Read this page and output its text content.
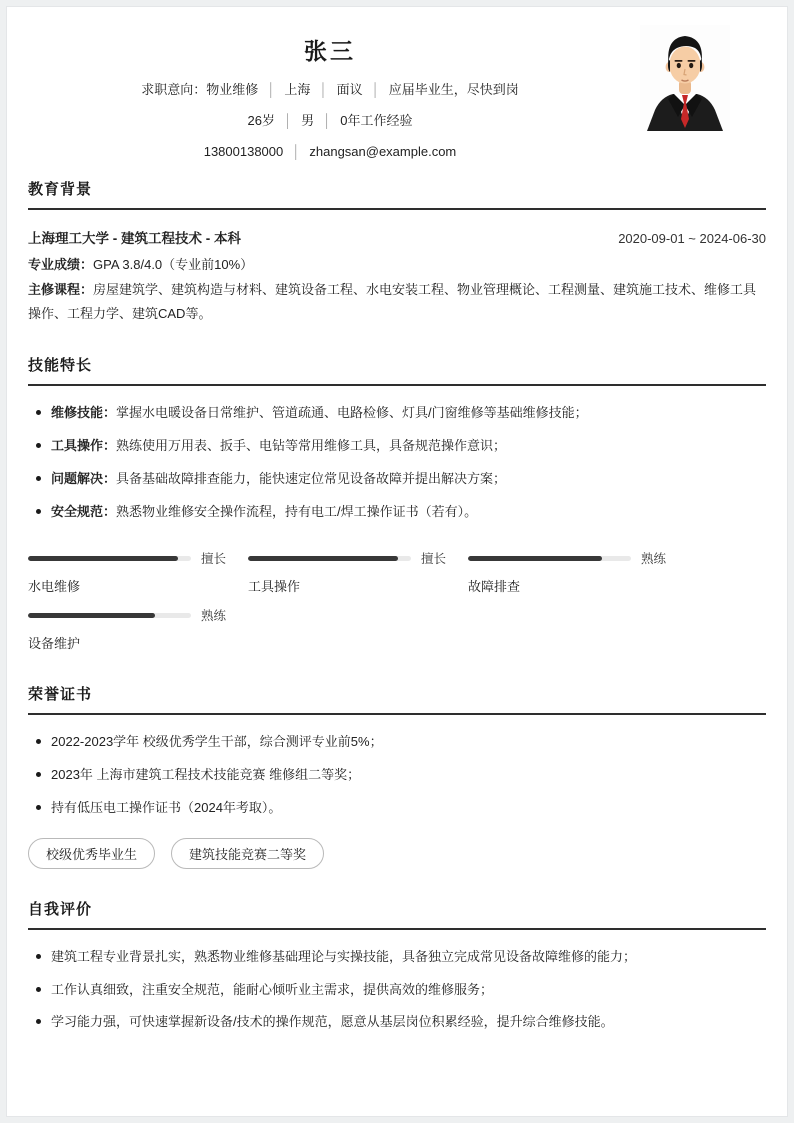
张三
求职意向：物业维修 │ 上海 │ 面议 │ 应届毕业生，尽快到岗
26岁 │ 男 │ 0年工作经验
13800138000 │ zhangsan@example.com
教育背景
上海理工大学 - 建筑工程技术 - 本科	2020-09-01 ~ 2024-06-30
专业成绩：GPA 3.8/4.0（专业前10%）
主修课程：房屋建筑学、建筑构造与材料、建筑设备工程、水电安装工程、物业管理概论、工程测量、建筑施工技术、维修工具操作、工程力学、建筑CAD等。
技能特长
维修技能：掌握水电暖设备日常维护、管道疏通、电路检修、灯具/门窗维修等基础维修技能；
工具操作：熟练使用万用表、扳手、电钻等常用维修工具，具备规范操作意识；
问题解决：具备基础故障排查能力，能快速定位常见设备故障并提出解决方案；
安全规范：熟悉物业维修安全操作流程，持有电工/焊工操作证书（若有）。
擅长
水电维修
擅长
工具操作
熟练
故障排查
熟练
设备维护
荣誉证书
2022-2023学年 校级优秀学生干部，综合测评专业前5%；
2023年 上海市建筑工程技术技能竞赛 维修组二等奖；
持有低压电工操作证书（2024年考取）。
校级优秀毕业生	建筑技能竞赛二等奖
自我评价
建筑工程专业背景扎实，熟悉物业维修基础理论与实操技能，具备独立完成常见设备故障维修的能力；
工作认真细致，注重安全规范，能耐心倾听业主需求，提供高效的维修服务；
学习能力强，可快速掌握新设备/技术的操作规范，愿意从基层岗位积累经验，提升综合维修技能。
